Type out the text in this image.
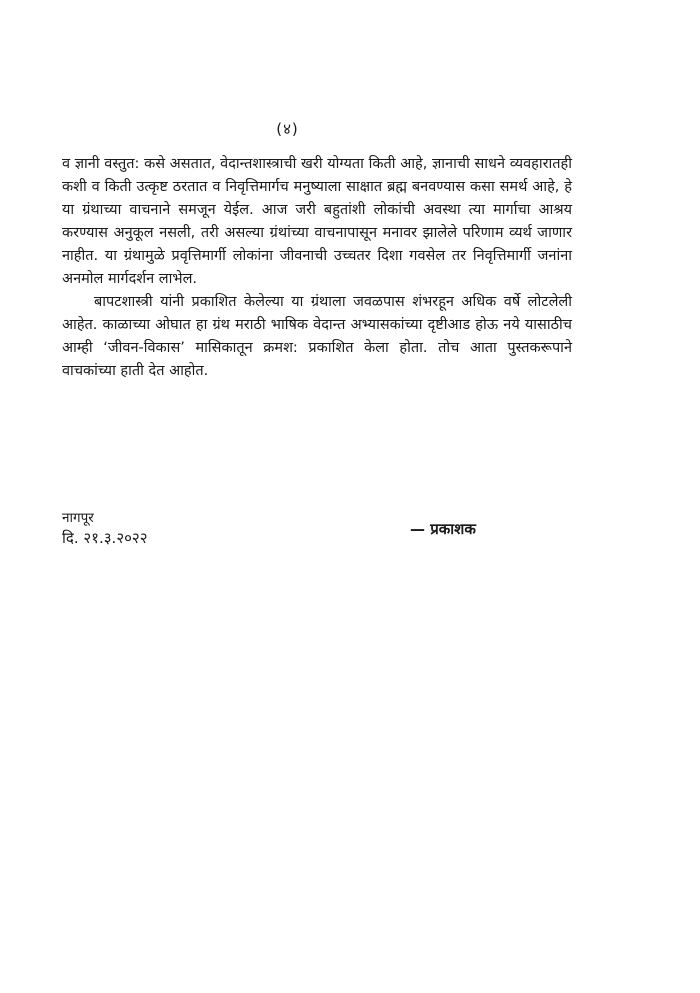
(४)

व ज्ञानी वस्तुत: कसे असतात, वेदान्तशास्त्राची खरी योग्यता किती आहे, ज्ञानाची साधने व्यवहारातही कशी व किती उत्कृष्ट ठरतात व निवृत्तिमार्गच मनुष्याला साक्षात ब्रह्म बनवण्यास कसा समर्थ आहे, हे या ग्रंथाच्या वाचनाने समजून येईल. आज जरी बहुतांशी लोकांची अवस्था त्या मार्गाचा आश्रय करण्यास अनुकूल नसली, तरी असल्या ग्रंथांच्या वाचनापासून मनावर झालेले परिणाम व्यर्थ जाणार नाहीत. या ग्रंथामुळे प्रवृत्तिमार्गी लोकांना जीवनाची उच्चतर दिशा गवसेल तर निवृत्तिमार्गी जनांना अनमोल मार्गदर्शन लाभेल.

बापटशास्त्री यांनी प्रकाशित केलेल्या या ग्रंथाला जवळपास शंभरहून अधिक वर्षे लोटलेली आहेत. काळाच्या ओघात हा ग्रंथ मराठी भाषिक वेदान्त अभ्यासकांच्या दृष्टीआड होऊ नये यासाठीच आम्ही ‘जीवन-विकास’ मासिकातून क्रमश: प्रकाशित केला होता. तोच आता पुस्तकरूपाने वाचकांच्या हाती देत आहोत.

नागपूर
दि. २१.३.२०२२	— प्रकाशक
